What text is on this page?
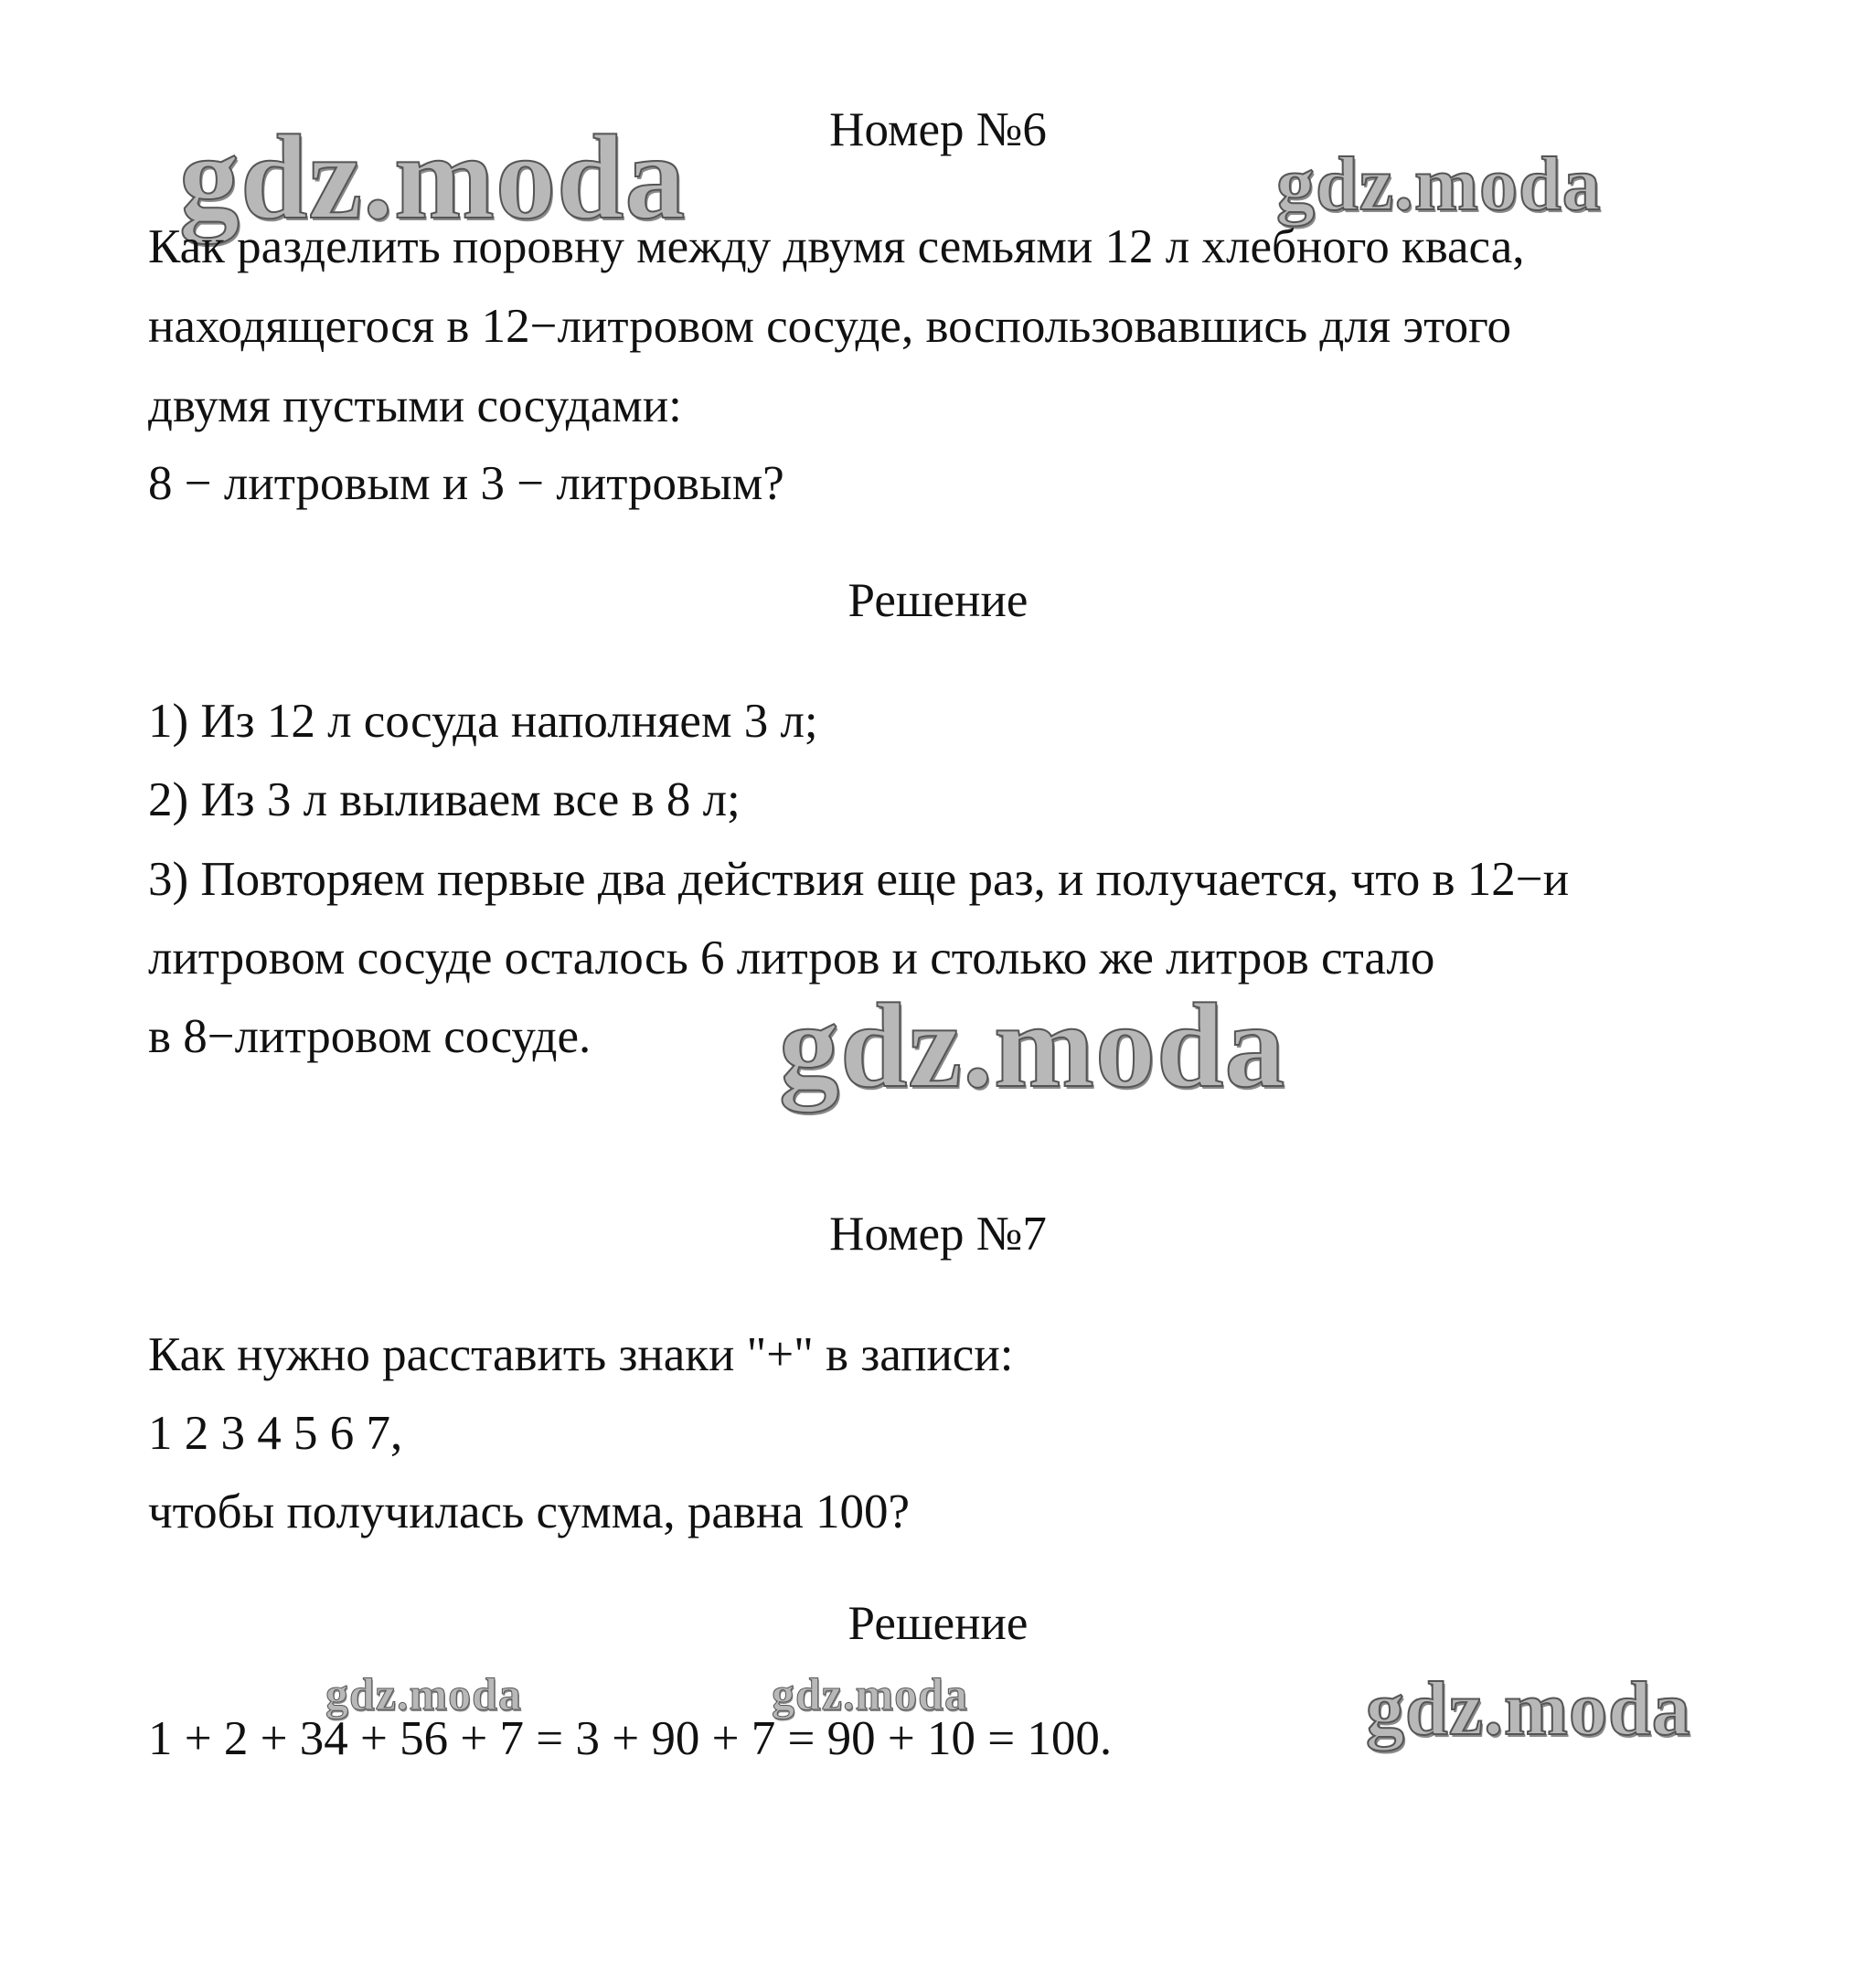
gdz.moda	gdz.moda
gdz.moda
gdz.moda	gdz.moda	gdz.moda
Номер №6
Как разделить поровну между двумя семьями 12 л хлебного кваса,
находящегося в 12−литровом сосуде, воспользовавшись для этого
двумя пустыми сосудами:
8 − литровым и 3 − литровым?
Решение
1) Из 12 л сосуда наполняем 3 л;
2) Из 3 л выливаем все в 8 л;
3) Повторяем первые два действия еще раз, и получается, что в 12−и
литровом сосуде осталось 6 литров и столько же литров стало
в 8−литровом сосуде.
Номер №7
Как нужно расставить знаки "+" в записи:
1 2 3 4 5 6 7,
чтобы получилась сумма, равна 100?
Решение
1 + 2 + 34 + 56 + 7 = 3 + 90 + 7 = 90 + 10 = 100.
